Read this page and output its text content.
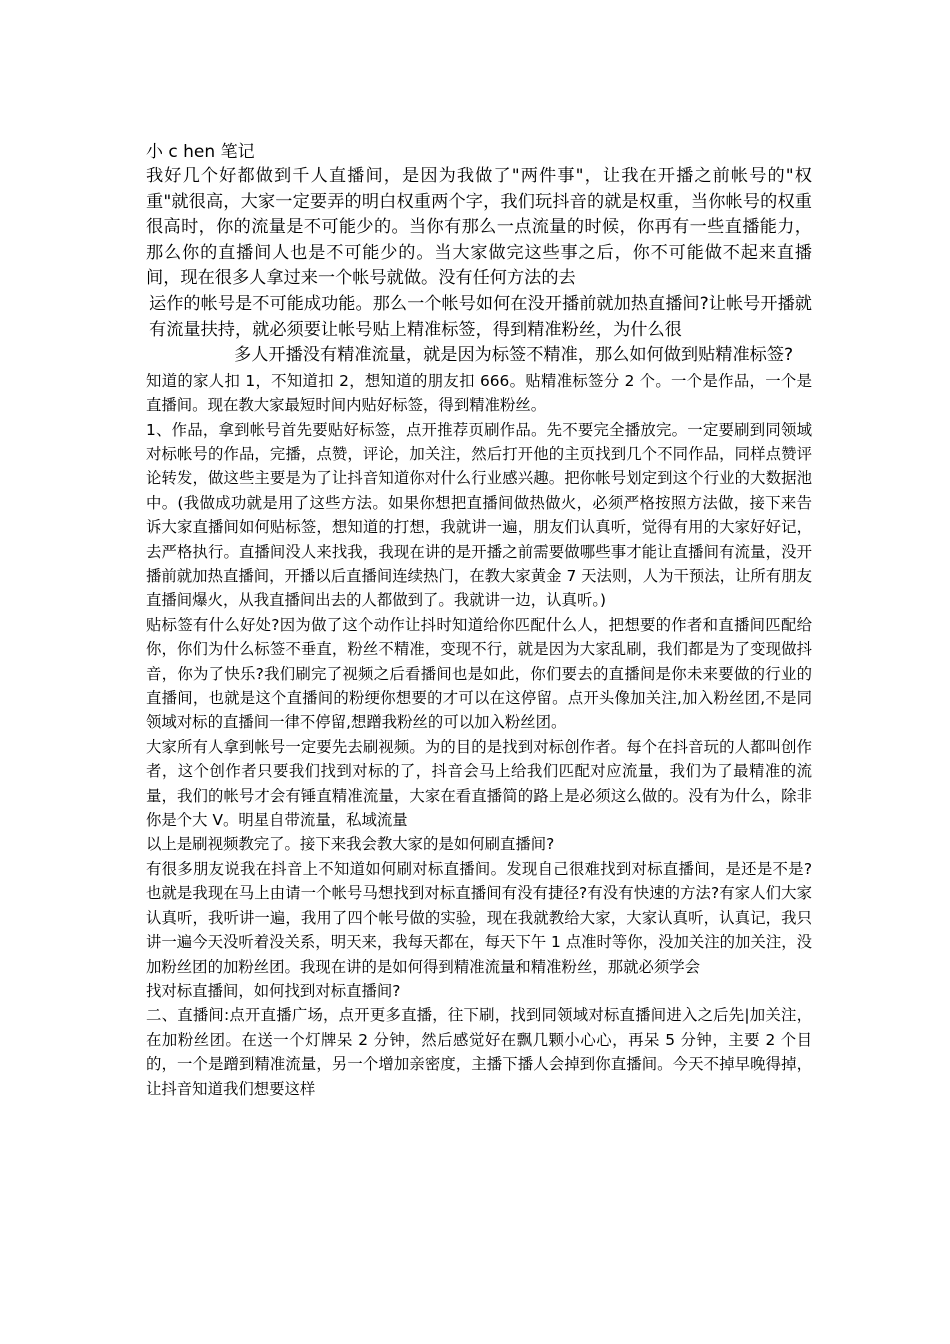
小 c hen 笔记

我好几个好都做到千人直播间，是因为我做了"两件事"，让我在开播之前帐号的"权重"就很高，大家一定要弄的明白权重两个字，我们玩抖音的就是权重，当你帐号的权重很高时，你的流量是不可能少的。当你有那么一点流量的时候，你再有一些直播能力，那么你的直播间人也是不可能少的。当大家做完这些事之后，你不可能做不起来直播间，现在很多人拿过来一个帐号就做。没有任何方法的去

运作的帐号是不可能成功能。那么一个帐号如何在没开播前就加热直播间?让帐号开播就有流量扶持，就必须要让帐号贴上精准标签，得到精准粉丝，为什么很

多人开播没有精准流量，就是因为标签不精准，那么如何做到贴精准标签?

知道的家人扣 1，不知道扣 2，想知道的朋友扣 666。贴精准标签分 2 个。一个是作品，一个是直播间。现在教大家最短时间内贴好标签，得到精准粉丝。

1、作品，拿到帐号首先要贴好标签，点开推荐页刷作品。先不要完全播放完。一定要刷到同领域对标帐号的作品，完播，点赞，评论，加关注，然后打开他的主页找到几个不同作品，同样点赞评论转发，做这些主要是为了让抖音知道你对什么行业感兴趣。把你帐号划定到这个行业的大数据池中。(我做成功就是用了这些方法。如果你想把直播间做热做火，必须严格按照方法做，接下来告诉大家直播间如何贴标签，想知道的打想，我就讲一遍，朋友们认真听，觉得有用的大家好好记，去严格执行。直播间没人来找我，我现在讲的是开播之前需要做哪些事才能让直播间有流量，没开播前就加热直播间，开播以后直播间连续热门，在教大家黄金 7 天法则，人为干预法，让所有朋友直播间爆火，从我直播间出去的人都做到了。我就讲一边，认真听。)

贴标签有什么好处?因为做了这个动作让抖时知道给你匹配什么人，把想要的作者和直播间匹配给你，你们为什么标签不垂直，粉丝不精准，变现不行，就是因为大家乱刷，我们都是为了变现做抖音，你为了快乐?我们刷完了视频之后看播间也是如此，你们要去的直播间是你未来要做的行业的直播间，也就是这个直播间的粉绠你想要的才可以在这停留。点开头像加关注,加入粉丝团,不是同领域对标的直播间一律不停留,想蹭我粉丝的可以加入粉丝团。

大家所有人拿到帐号一定要先去刷视频。为的目的是找到对标创作者。每个在抖音玩的人都叫创作者，这个创作者只要我们找到对标的了，抖音会马上给我们匹配对应流量，我们为了最精准的流量，我们的帐号才会有锤直精准流量，大家在看直播简的路上是必须这么做的。没有为什么，除非你是个大 V。明星自带流量，私域流量

以上是刷视频教完了。接下来我会教大家的是如何刷直播间?

有很多朋友说我在抖音上不知道如何刷对标直播间。发现自己很难找到对标直播间，是还是不是?也就是我现在马上由请一个帐号马想找到对标直播间有没有捷径?有没有快速的方法?有家人们大家认真听，我听讲一遍，我用了四个帐号做的实验，现在我就教给大家，大家认真听，认真记，我只讲一遍今天没听着没关系，明天来，我每天都在，每天下午 1 点准时等你，没加关注的加关注，没加粉丝团的加粉丝团。我现在讲的是如何得到精准流量和精准粉丝，那就必须学会

找对标直播间，如何找到对标直播间?

二、直播间:点开直播广场，点开更多直播，往下刷，找到同领域对标直播间进入之后先|加关注，在加粉丝团。在送一个灯牌呆 2 分钟，然后感觉好在飘几颗小心心，再呆 5 分钟，主要 2 个目的，一个是蹭到精准流量，另一个增加亲密度，主播下播人会掉到你直播间。今天不掉早晚得掉，让抖音知道我们想要这样
